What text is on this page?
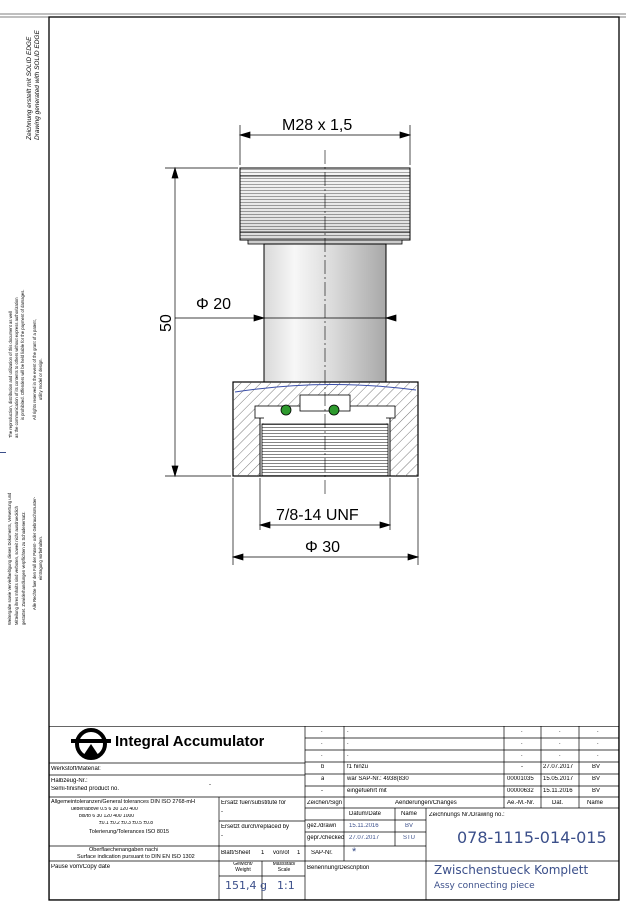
Zeichnung erstellt mit SOLID EDGE Drawing generated with SOLID EDGE
The reproduction, distribution and utilization of this document as well as the communication of its contents to others without express authorization is prohibited. Offenders will be held liable for the payment of damages. All rights reserved in the event of the grant of a patent, utility model or design.
Weitergabe sowie Vervielfaeltigung dieses Dokuments, Verwertung und Mitteilung ihres Inhalts sind verboten, soweit nicht ausdruecklich gestattet. Zuwiderhandlungen verpflichten zu Schadenersatz. Alle Rechte fuer den Fall der Patent- oder Gebrauchsmuster- eintragung vorbehalten.
M28 x 1,5
50
Φ 20
7/8-14 UNF
Φ 30
Integral Accumulator
Werkstoff/Material:
Halbzeug-Nr.:
Semi-finished product no.
-
Allgemeintoleranzen/General tolerances DIN ISO 2768-mH
ueber/above 0.5 6 30 120 400
bis/to 6 30 120 400 1000
±0.1 ±0.2 ±0.3 ±0.5 ±0.8
Tolerierung/Tolerances ISO 8015
Oberflaechenangaben nach/
Surface indication pursuant to DIN EN ISO 1302
Ersatz fuer/substitute for
-
Ersetzt durch/replaced by
-
Blatt/Sheet 1 von/of 1 SAP-Nr. *
Pause vom/Copy date	Gewicht/
Weight
151,4 g
Massstab/
Scale
1:1
Benennung/Description	Zwischenstueck Komplett
Assy connecting piece
Zeichnungs Nr./Drawing no.:
078-1115-014-015
Datum/Date	Name
gez./drawn 15.11.2016	BV
gepr./checked 27.07.2017	STU
Zeichen/Sign	Aenderungen/Changes	Ae.-M.-Nr.	Dat.	Name
.	.	.	.	.
.	.	.	.	.
.	.	.	.	.
b	f1 hinzu	-	27.07.2017	BV
a	war SAP-Nr.: 4938(830	00001035 15.05.2017	BV
-	eingefuehrt mit	00000632 15.11.2016	BV
